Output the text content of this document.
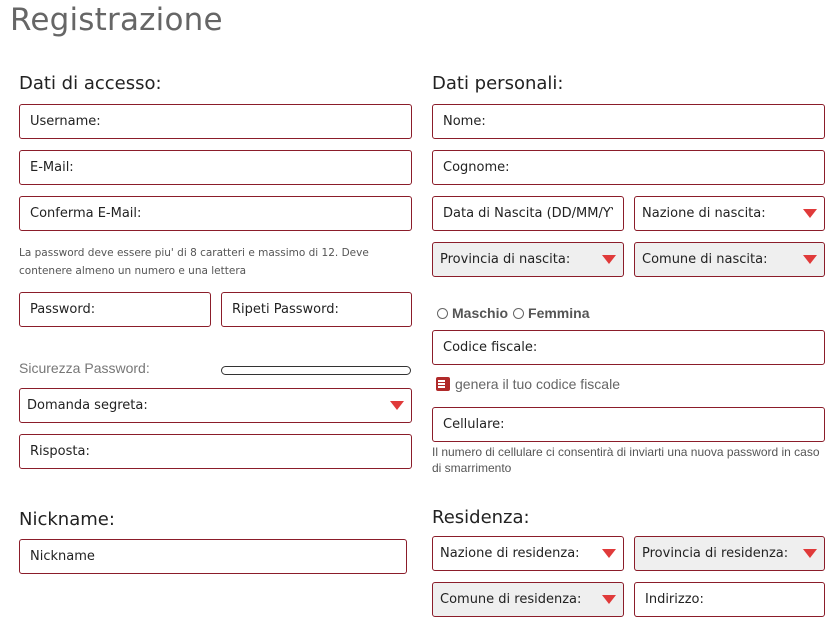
Registrazione
Dati di accesso:
Username:
E-Mail:
Conferma E-Mail:
La password deve essere piu' di 8 caratteri e massimo di 12. Deve contenere almeno un numero e una lettera
Password:
Ripeti Password:
Sicurezza Password:
Domanda segreta:
Risposta:
Nickname:
Nickname
Dati personali:
Nome:
Cognome:
Data di Nascita (DD/MM/YYYY)
Nazione di nascita:
Provincia di nascita:	Comune di nascita:
Maschio Femmina
Codice fiscale:
genera il tuo codice fiscale
Cellulare:
Il numero di cellulare ci consentirà di inviarti una nuova password in caso di smarrimento
Residenza:
Nazione di residenza:	Provincia di residenza:
Comune di residenza:
Indirizzo:
